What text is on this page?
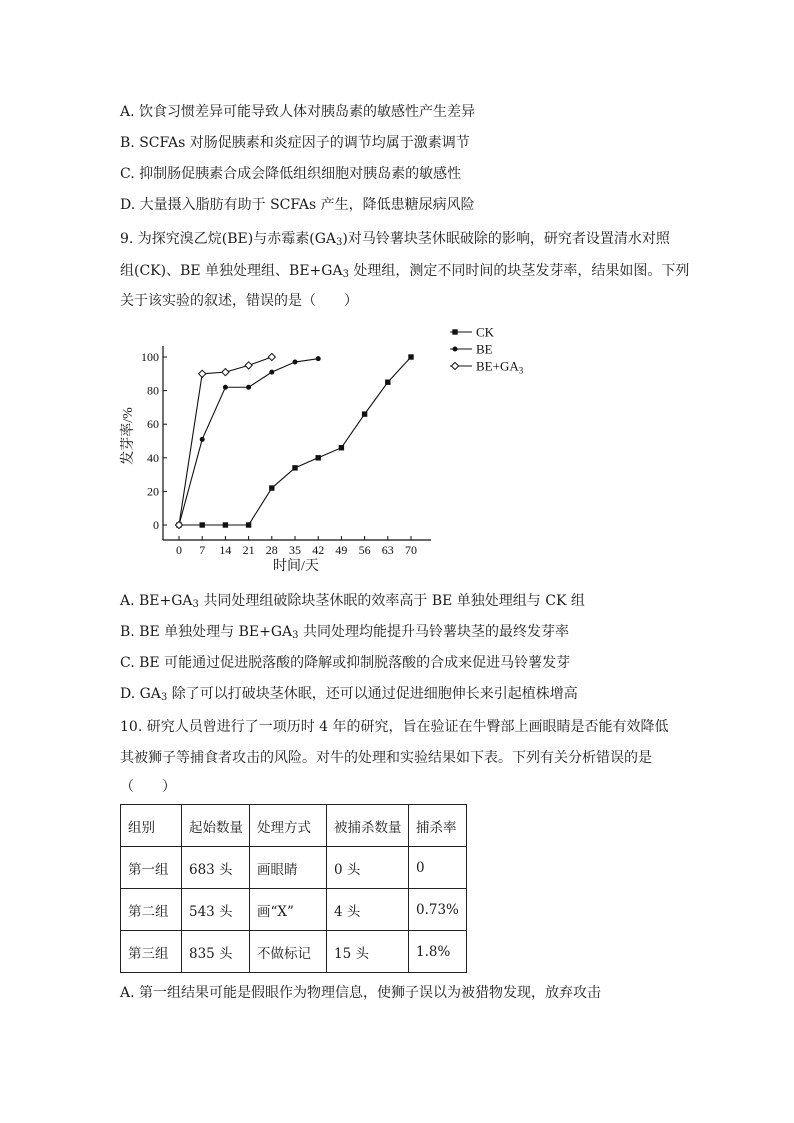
A. 饮食习惯差异可能导致人体对胰岛素的敏感性产生差异
B. SCFAs 对肠促胰素和炎症因子的调节均属于激素调节
C. 抑制肠促胰素合成会降低组织细胞对胰岛素的敏感性
D. 大量摄入脂肪有助于 SCFAs 产生，降低患糖尿病风险
9. 为探究溴乙烷(BE)与赤霉素$(GA_3)$对马铃薯块茎休眠破除的影响，研究者设置清水对照
组(CK)、BE 单独处理组、$BE+GA_3$ 处理组，测定不同时间的块茎发芽率，结果如图。下列
关于该实验的叙述，错误的是（　　）
0 7 14 21 28 35 42 49 56 63 70
0
20
40
60
80
100
CK
BE
$BE+GA_3$
发芽率/%
时间/天
A. $BE+GA_3$ 共同处理组破除块茎休眠的效率高于 BE 单独处理组与 CK 组
B. BE 单独处理与 $BE+GA_3$ 共同处理均能提升马铃薯块茎的最终发芽率
C. BE 可能通过促进脱落酸的降解或抑制脱落酸的合成来促进马铃薯发芽
D. $GA_3$ 除了可以打破块茎休眠，还可以通过促进细胞伸长来引起植株增高
10. 研究人员曾进行了一项历时 4 年的研究，旨在验证在牛臀部上画眼睛是否能有效降低
其被狮子等捕食者攻击的风险。对牛的处理和实验结果如下表。下列有关分析错误的是
（　　）
组别	起始数量	处理方式	被捕杀数量	捕杀率
第一组	683 头	画眼睛	0 头	0
第二组	543 头	画“X”	4 头	0.73%
第三组	835 头	不做标记	15 头	1.8%
A. 第一组结果可能是假眼作为物理信息，使狮子误以为被猎物发现，放弃攻击
